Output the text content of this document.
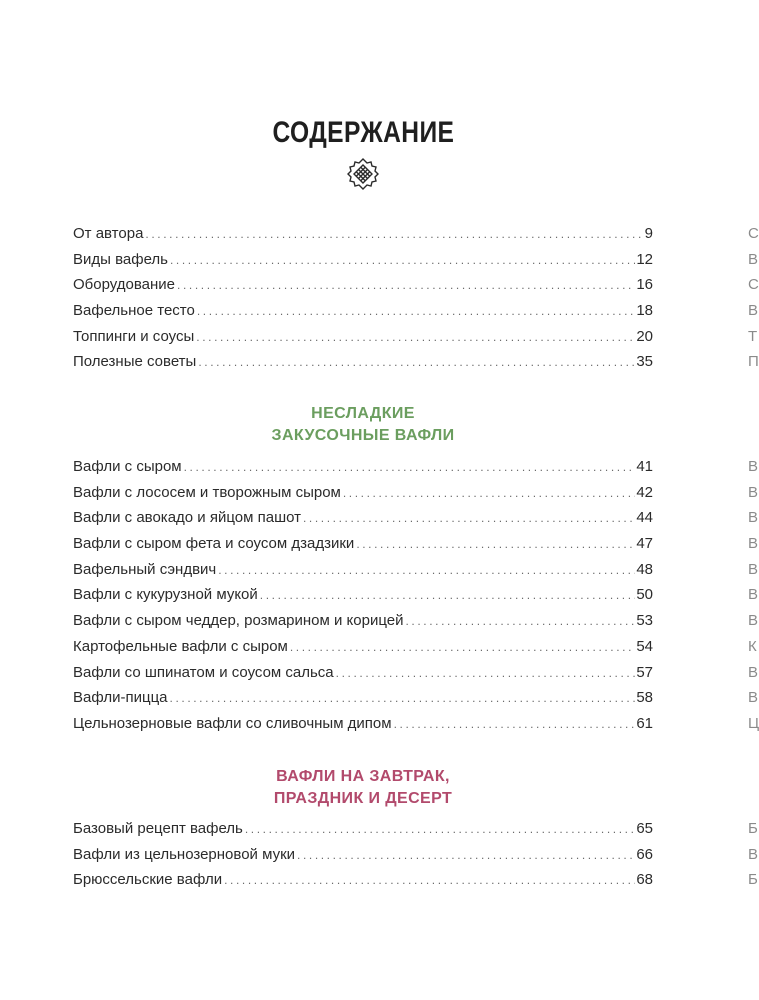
СОДЕРЖАНИЕ
От автора .....	9
Виды вафель .....	12
Оборудование .....	16
Вафельное тесто .....	18
Топпинги и соусы .....	20
Полезные советы .....	35
НЕСЛАДКИЕ
ЗАКУСОЧНЫЕ ВАФЛИ
Вафли с сыром .....	41
Вафли с лососем и творожным сыром .....	42
Вафли с авокадо и яйцом пашот .....	44
Вафли с сыром фета и соусом дзадзики .....	47
Вафельный сэндвич .....	48
Вафли с кукурузной мукой .....	50
Вафли с сыром чеддер, розмарином и корицей .....	53
Картофельные вафли с сыром .....	54
Вафли со шпинатом и соусом сальса .....	57
Вафли-пицца .....	58
Цельнозерновые вафли со сливочным дипом .....	61
ВАФЛИ НА ЗАВТРАК,
ПРАЗДНИК И ДЕСЕРТ
Базовый рецепт вафель .....	65
Вафли из цельнозерновой муки .....	66
Брюссельские вафли .....	68
С
В
С
В
Т
П
В
В
В
В
В
В
В
К
В
В
Ц
Б
В
Б
